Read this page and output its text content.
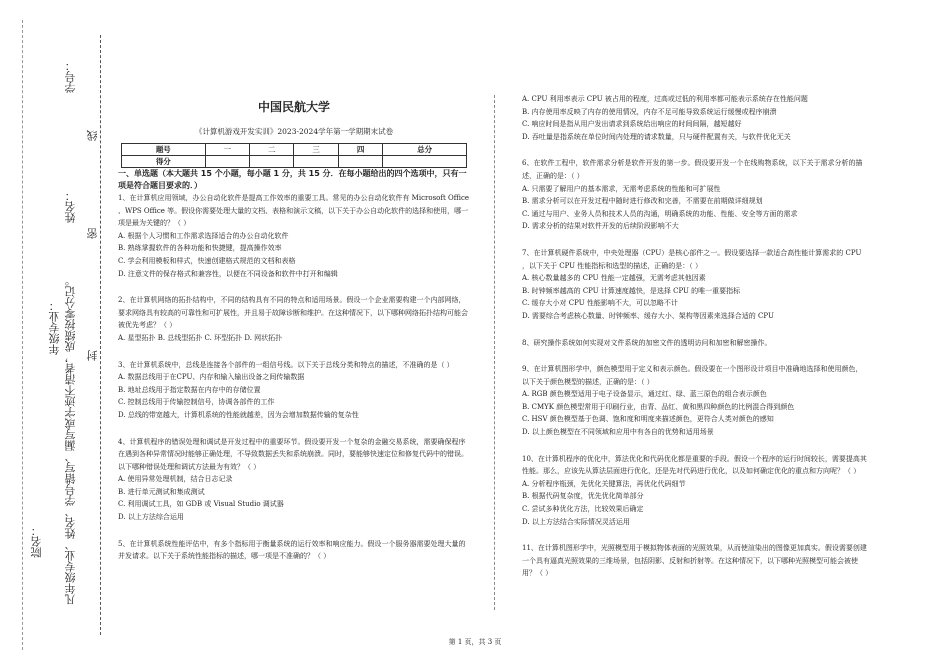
学号：
密
封
线
姓名：
凡年级专业、姓名、学号错写、漏写或字迹不清者，成绩按零分记。
年级专业：
院名：
中国民航大学
《计算机游戏开发实训》2023-2024学年第一学期期末试卷
题号	一	二	三	四	总分
得分					

一、单选题（本大题共 15 个小题，每小题 1 分，共 15 分．在每小题给出的四个选项中，只有一项是符合题目要求的．）

1、在计算机应用领域，办公自动化软件是提高工作效率的重要工具。常见的办公自动化软件有 Microsoft Office 、WPS Office 等。假设你需要处理大量的文档、表格和演示文稿，以下关于办公自动化软件的选择和使用，哪一项是最为关键的？（ ）

A. 根据个人习惯和工作需求选择适合的办公自动化软件

B. 熟练掌握软件的各种功能和快捷键，提高操作效率

C. 学会利用模板和样式，快速创建格式规范的文档和表格

D. 注意文件的保存格式和兼容性，以便在不同设备和软件中打开和编辑

2、在计算机网络的拓扑结构中，不同的结构具有不同的特点和适用场景。假设一个企业需要构建一个内部网络，要求网络具有较高的可靠性和可扩展性，并且易于故障诊断和维护。在这种情况下，以下哪种网络拓扑结构可能会被优先考虑？（ ）

A. 星型拓扑 B. 总线型拓扑 C. 环型拓扑 D. 网状拓扑

3、在计算机系统中，总线是连接各个部件的一组信号线。以下关于总线分类和特点的描述，不准确的是（ ）

A. 数据总线用于在CPU、内存和输入输出设备之间传输数据

B. 地址总线用于指定数据在内存中的存储位置

C. 控制总线用于传输控制信号，协调各部件的工作

D. 总线的带宽越大，计算机系统的性能就越差，因为会增加数据传输的复杂性

4、计算机程序的错误处理和调试是开发过程中的重要环节。假设要开发一个复杂的金融交易系统，需要确保程序在遇到各种异常情况时能够正确处理，不导致数据丢失和系统崩溃。同时，要能够快速定位和修复代码中的错误。以下哪种错误处理和调试方法最为有效？（ ）

A. 使用异常处理机制，结合日志记录

B. 进行单元测试和集成测试

C. 利用调试工具，如 GDB 或 Visual Studio 调试器

D. 以上方法综合运用

5、在计算机系统性能评估中，有多个指标用于衡量系统的运行效率和响应能力。假设一个服务器需要处理大量的并发请求。以下关于系统性能指标的描述，哪一项是不准确的？（ ）

A. CPU 利用率表示 CPU 被占用的程度，过高或过低的利用率都可能表示系统存在性能问题

B. 内存使用率反映了内存的使用情况，内存不足可能导致系统运行缓慢或程序崩溃

C. 响应时间是指从用户发出请求到系统给出响应的时间间隔，越短越好

D. 吞吐量是指系统在单位时间内处理的请求数量，只与硬件配置有关，与软件优化无关

6、在软件工程中，软件需求分析是软件开发的第一步。假设要开发一个在线购物系统，以下关于需求分析的描述，正确的是：（ ）

A. 只需要了解用户的基本需求，无需考虑系统的性能和可扩展性

B. 需求分析可以在开发过程中随时进行修改和完善，不需要在前期做详细规划

C. 通过与用户、业务人员和技术人员的沟通，明确系统的功能、性能、安全等方面的需求

D. 需求分析的结果对软件开发的后续阶段影响不大

7、在计算机硬件系统中，中央处理器（CPU）是核心部件之一。假设要选择一款适合高性能计算需求的 CPU ，以下关于 CPU 性能指标和选型的描述，正确的是：（ ）

A. 核心数量越多的 CPU 性能一定越强，无需考虑其他因素

B. 时钟频率越高的 CPU 计算速度越快，是选择 CPU 的唯一重要指标

C. 缓存大小对 CPU 性能影响不大，可以忽略不计

D. 需要综合考虑核心数量、时钟频率、缓存大小、架构等因素来选择合适的 CPU

8、研究操作系统如何实现对文件系统的加密文件的透明访问和加密和解密操作。

9、在计算机图形学中，颜色模型用于定义和表示颜色。假设要在一个图形设计项目中准确地选择和使用颜色，以下关于颜色模型的描述，正确的是：（ ）

A. RGB 颜色模型适用于电子设备显示，通过红、绿、蓝三原色的组合表示颜色

B. CMYK 颜色模型常用于印刷行业，由青、品红、黄和黑四种颜色的比例混合得到颜色

C. HSV 颜色模型基于色调、饱和度和明度来描述颜色，更符合人类对颜色的感知

D. 以上颜色模型在不同领域和应用中有各自的优势和适用场景

10、在计算机程序的优化中，算法优化和代码优化都是重要的手段。假设一个程序的运行时间较长，需要提高其性能。那么，应该先从算法层面进行优化，还是先对代码进行优化，以及如何确定优化的重点和方向呢？（ ）

A. 分析程序瓶颈，先优化关键算法，再优化代码细节

B. 根据代码复杂度，优先优化简单部分

C. 尝试多种优化方法，比较效果后确定

D. 以上方法结合实际情况灵活运用

11、在计算机图形学中，光照模型用于模拟物体表面的光照效果，从而使渲染出的图像更加真实。假设需要创建一个具有逼真光照效果的三维场景，包括阴影、反射和折射等。在这种情况下，以下哪种光照模型可能会被使用？（ ）

第 1 页，共 3 页
